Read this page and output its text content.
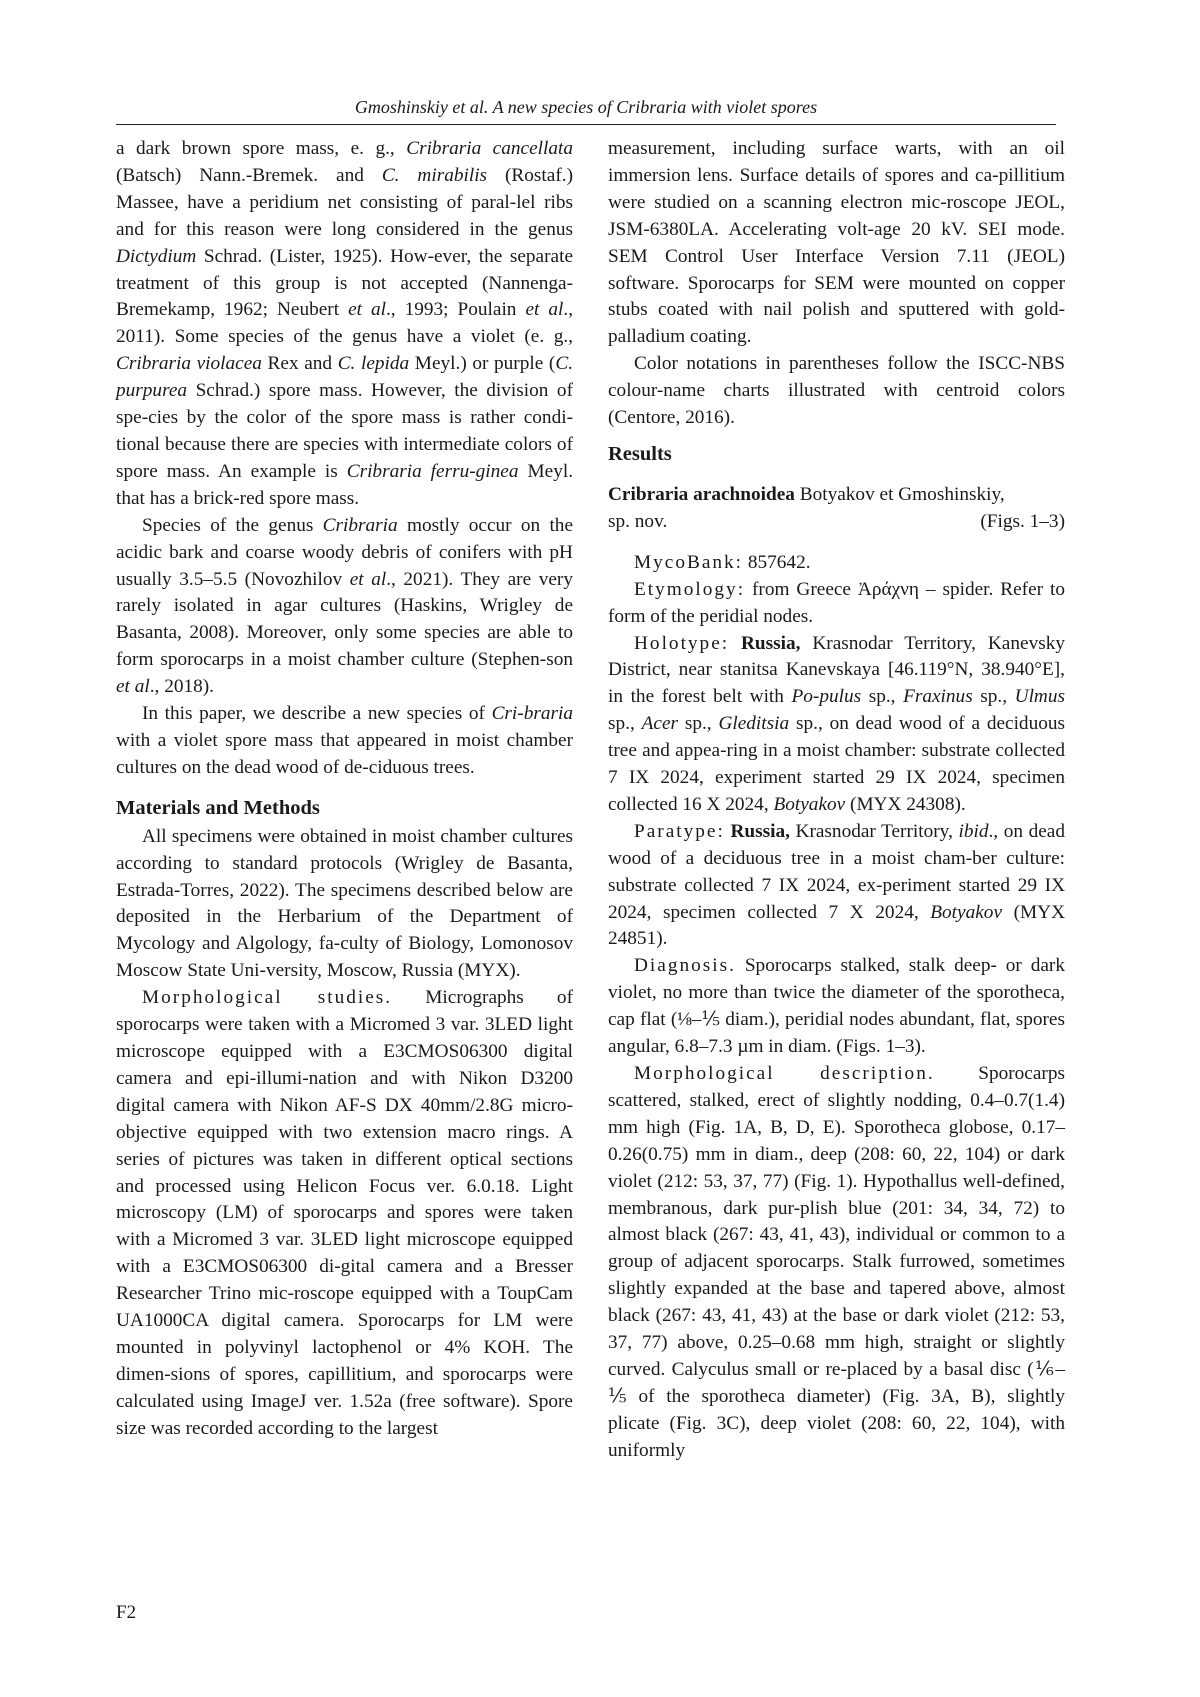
Gmoshinskiy et al. A new species of Cribraria with violet spores

a dark brown spore mass, e. g., Cribraria cancellata (Batsch) Nann.-Bremek. and C. mirabilis (Rostaf.) Massee, have a peridium net consisting of paral-lel ribs and for this reason were long considered in the genus Dictydium Schrad. (Lister, 1925). How-ever, the separate treatment of this group is not accepted (Nannenga-Bremekamp, 1962; Neubert et al., 1993; Poulain et al., 2011). Some species of the genus have a violet (e. g., Cribraria violacea Rex and C. lepida Meyl.) or purple (C. purpurea Schrad.) spore mass. However, the division of spe-cies by the color of the spore mass is rather condi-tional because there are species with intermediate colors of spore mass. An example is Cribraria ferru-ginea Meyl. that has a brick-red spore mass.

Species of the genus Cribraria mostly occur on the acidic bark and coarse woody debris of conifers with pH usually 3.5–5.5 (Novozhilov et al., 2021). They are very rarely isolated in agar cultures (Haskins, Wrigley de Basanta, 2008). Moreover, only some species are able to form sporocarps in a moist chamber culture (Stephen-son et al., 2018).

In this paper, we describe a new species of Cri-braria with a violet spore mass that appeared in moist chamber cultures on the dead wood of de-ciduous trees.

Materials and Methods

All specimens were obtained in moist chamber cultures according to standard protocols (Wrigley de Basanta, Estrada-Torres, 2022). The specimens described below are deposited in the Herbarium of the Department of Mycology and Algology, fa-culty of Biology, Lomonosov Moscow State Uni-versity, Moscow, Russia (MYX).

Morphological studies. Micrographs of sporocarps were taken with a Micromed 3 var. 3LED light microscope equipped with a E3CMOS06300 digital camera and epi-illumi-nation and with Nikon D3200 digital camera with Nikon AF-S DX 40mm/2.8G micro-objective equipped with two extension macro rings. A series of pictures was taken in different optical sections and processed using Helicon Focus ver. 6.0.18. Light microscopy (LM) of sporocarps and spores were taken with a Micromed 3 var. 3LED light microscope equipped with a E3CMOS06300 di-gital camera and a Bresser Researcher Trino mic-roscope equipped with a ToupCam UA1000CA digital camera. Sporocarps for LM were mounted in polyvinyl lactophenol or 4% KOH. The dimen-sions of spores, capillitium, and sporocarps were calculated using ImageJ ver. 1.52a (free software). Spore size was recorded according to the largest

measurement, including surface warts, with an oil immersion lens. Surface details of spores and ca-pillitium were studied on a scanning electron mic-roscope JEOL, JSM-6380LA. Accelerating volt-age 20 kV. SEI mode. SEM Control User Interface Version 7.11 (JEOL) software. Sporocarps for SEM were mounted on copper stubs coated with nail polish and sputtered with gold-palladium coating.

Color notations in parentheses follow the ISCC-NBS colour-name charts illustrated with centroid colors (Centore, 2016).

Results

Cribraria arachnoidea Botyakov et Gmoshinskiy,

sp. nov.	(Figs. 1–3)

MycoBank: 857642.

Etymology: from Greece Ἀράχνη – spider. Refer to form of the peridial nodes.

Holotype: Russia, Krasnodar Territory, Kanevsky District, near stanitsa Kanevskaya [46.119°N, 38.940°E], in the forest belt with Po-pulus sp., Fraxinus sp., Ulmus sp., Acer sp., Gleditsia sp., on dead wood of a deciduous tree and appea-ring in a moist chamber: substrate collected 7 IX 2024, experiment started 29 IX 2024, specimen collected 16 X 2024, Botyakov (MYX 24308).

Paratype: Russia, Krasnodar Territory, ibid., on dead wood of a deciduous tree in a moist cham-ber culture: substrate collected 7 IX 2024, ex-periment started 29 IX 2024, specimen collected 7 X 2024, Botyakov (MYX 24851).

Diagnosis. Sporocarps stalked, stalk deep- or dark violet, no more than twice the diameter of the sporotheca, cap flat (⅛–⅕ diam.), peridial nodes abundant, flat, spores angular, 6.8–7.3 µm in diam. (Figs. 1–3).

Morphological description. Sporocarps scattered, stalked, erect of slightly nodding, 0.4–0.7(1.4) mm high (Fig. 1A, B, D, E). Sporotheca globose, 0.17–0.26(0.75) mm in diam., deep (208: 60, 22, 104) or dark violet (212: 53, 37, 77) (Fig. 1). Hypothallus well-defined, membranous, dark pur-plish blue (201: 34, 34, 72) to almost black (267: 43, 41, 43), individual or common to a group of adjacent sporocarps. Stalk furrowed, sometimes slightly expanded at the base and tapered above, almost black (267: 43, 41, 43) at the base or dark violet (212: 53, 37, 77) above, 0.25–0.68 mm high, straight or slightly curved. Calyculus small or re-placed by a basal disc (⅙–⅕ of the sporotheca diameter) (Fig. 3A, B), slightly plicate (Fig. 3C), deep violet (208: 60, 22, 104), with uniformly

F2
